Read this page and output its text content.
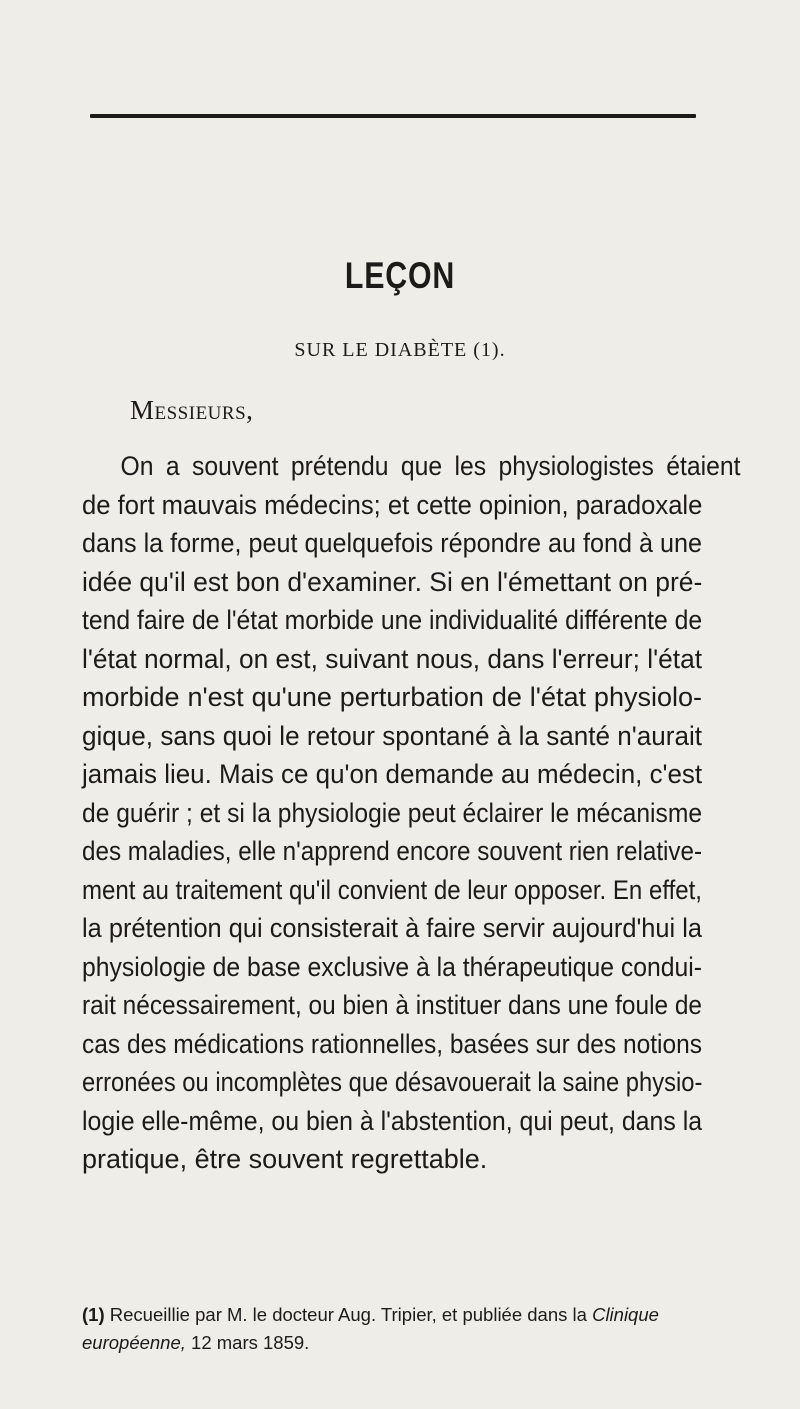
LEÇON
SUR LE DIABÈTE (1).
Messieurs,
On a souvent prétendu que les physiologistes étaient
de fort mauvais médecins; et cette opinion, paradoxale
dans la forme, peut quelquefois répondre au fond à une
idée qu'il est bon d'examiner. Si en l'émettant on pré-
tend faire de l'état morbide une individualité différente de
l'état normal, on est, suivant nous, dans l'erreur; l'état
morbide n'est qu'une perturbation de l'état physiolo-
gique, sans quoi le retour spontané à la santé n'aurait
jamais lieu. Mais ce qu'on demande au médecin, c'est
de guérir ; et si la physiologie peut éclairer le mécanisme
des maladies, elle n'apprend encore souvent rien relative-
ment au traitement qu'il convient de leur opposer. En effet,
la prétention qui consisterait à faire servir aujourd'hui la
physiologie de base exclusive à la thérapeutique condui-
rait nécessairement, ou bien à instituer dans une foule de
cas des médications rationnelles, basées sur des notions
erronées ou incomplètes que désavouerait la saine physio-
logie elle-même, ou bien à l'abstention, qui peut, dans la
pratique, être souvent regrettable.
(1) Recueillie par M. le docteur Aug. Tripier, et publiée dans la Clinique
européenne, 12 mars 1859.
